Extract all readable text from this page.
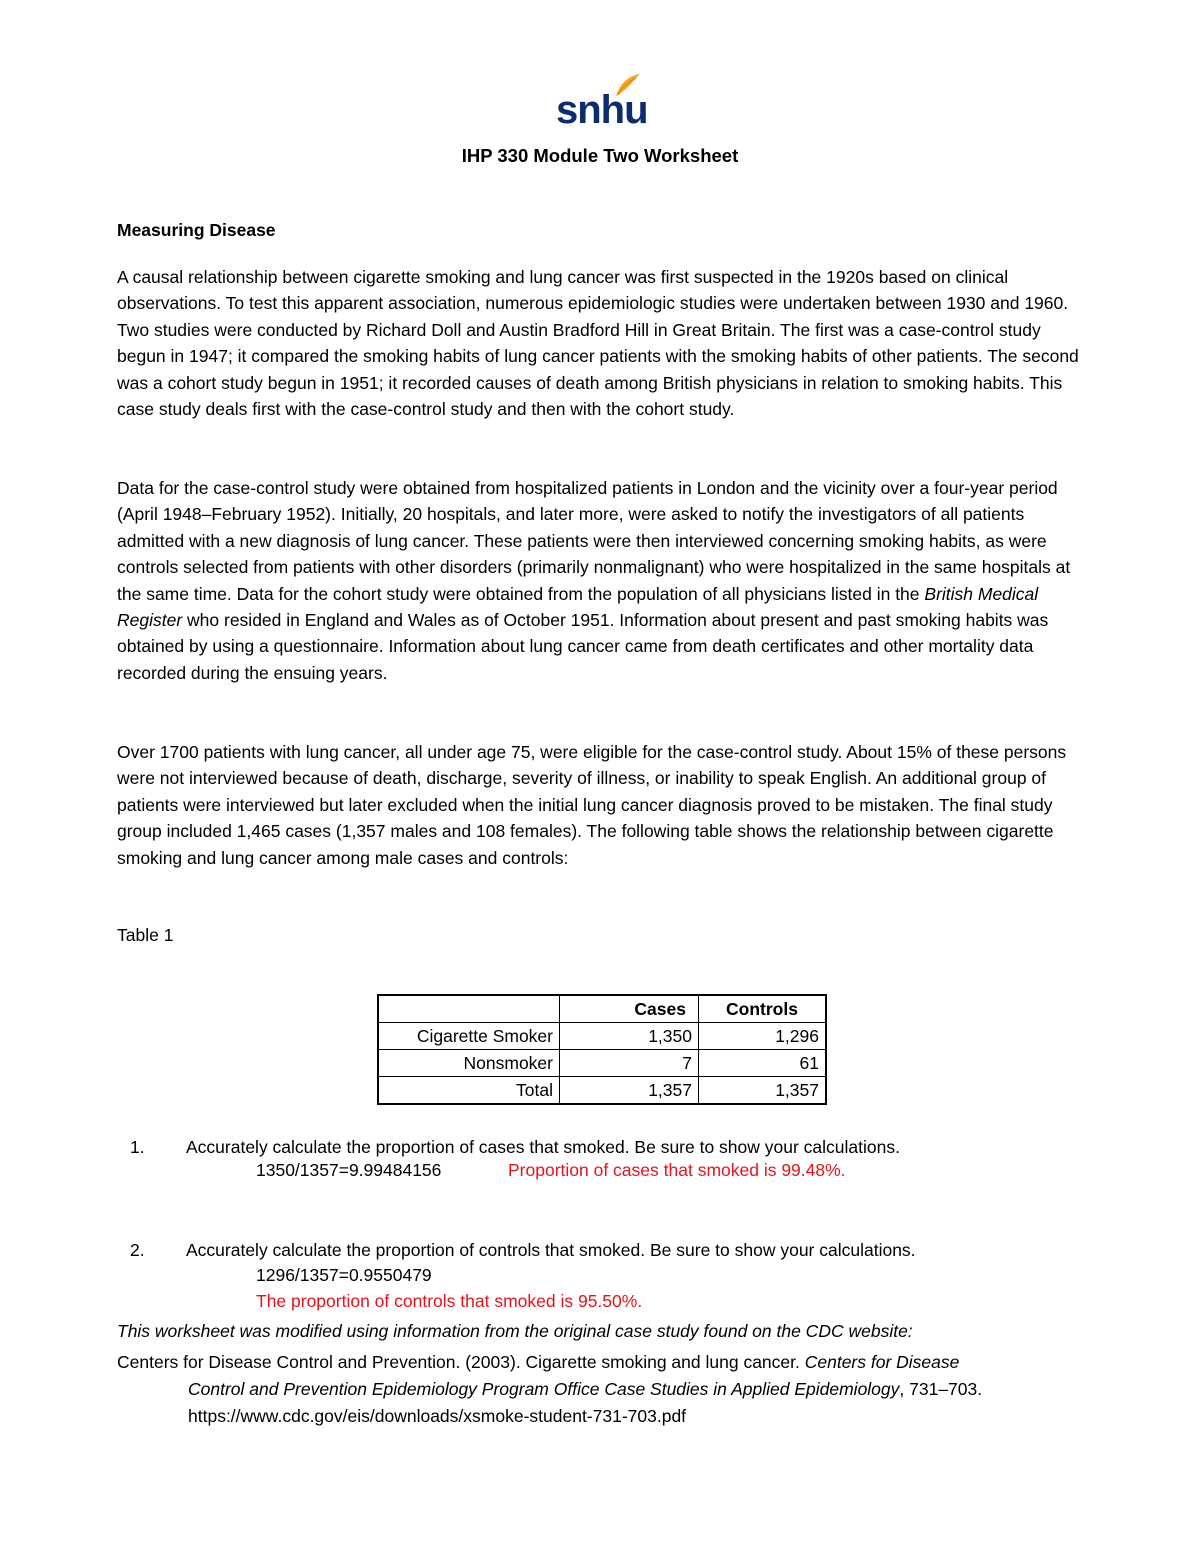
snhu
IHP 330 Module Two Worksheet
Measuring Disease

A causal relationship between cigarette smoking and lung cancer was first suspected in the 1920s based on clinical observations. To test this apparent association, numerous epidemiologic studies were undertaken between 1930 and 1960. Two studies were conducted by Richard Doll and Austin Bradford Hill in Great Britain. The first was a case-control study begun in 1947; it compared the smoking habits of lung cancer patients with the smoking habits of other patients. The second was a cohort study begun in 1951; it recorded causes of death among British physicians in relation to smoking habits. This case study deals first with the case-control study and then with the cohort study.

Data for the case-control study were obtained from hospitalized patients in London and the vicinity over a four-year period (April 1948–February 1952). Initially, 20 hospitals, and later more, were asked to notify the investigators of all patients admitted with a new diagnosis of lung cancer. These patients were then interviewed concerning smoking habits, as were controls selected from patients with other disorders (primarily nonmalignant) who were hospitalized in the same hospitals at the same time. Data for the cohort study were obtained from the population of all physicians listed in the British Medical Register who resided in England and Wales as of October 1951. Information about present and past smoking habits was obtained by using a questionnaire. Information about lung cancer came from death certificates and other mortality data recorded during the ensuing years.

Over 1700 patients with lung cancer, all under age 75, were eligible for the case-control study. About 15% of these persons were not interviewed because of death, discharge, severity of illness, or inability to speak English. An additional group of patients were interviewed but later excluded when the initial lung cancer diagnosis proved to be mistaken. The final study group included 1,465 cases (1,357 males and 108 females). The following table shows the relationship between cigarette smoking and lung cancer among male cases and controls:

Table 1
	Cases	Controls
Cigarette Smoker	1,350	1,296
Nonsmoker	7	61
Total	1,357	1,357
1.	Accurately calculate the proportion of cases that smoked. Be sure to show your calculations.
1350/1357=9.99484156	Proportion of cases that smoked is 99.48%.
2.	Accurately calculate the proportion of controls that smoked. Be sure to show your calculations.
1296/1357=0.9550479
The proportion of controls that smoked is 95.50%.
This worksheet was modified using information from the original case study found on the CDC website:
Centers for Disease Control and Prevention. (2003). Cigarette smoking and lung cancer. Centers for Disease
Control and Prevention Epidemiology Program Office Case Studies in Applied Epidemiology, 731–703.
https://www.cdc.gov/eis/downloads/xsmoke-student-731-703.pdf
